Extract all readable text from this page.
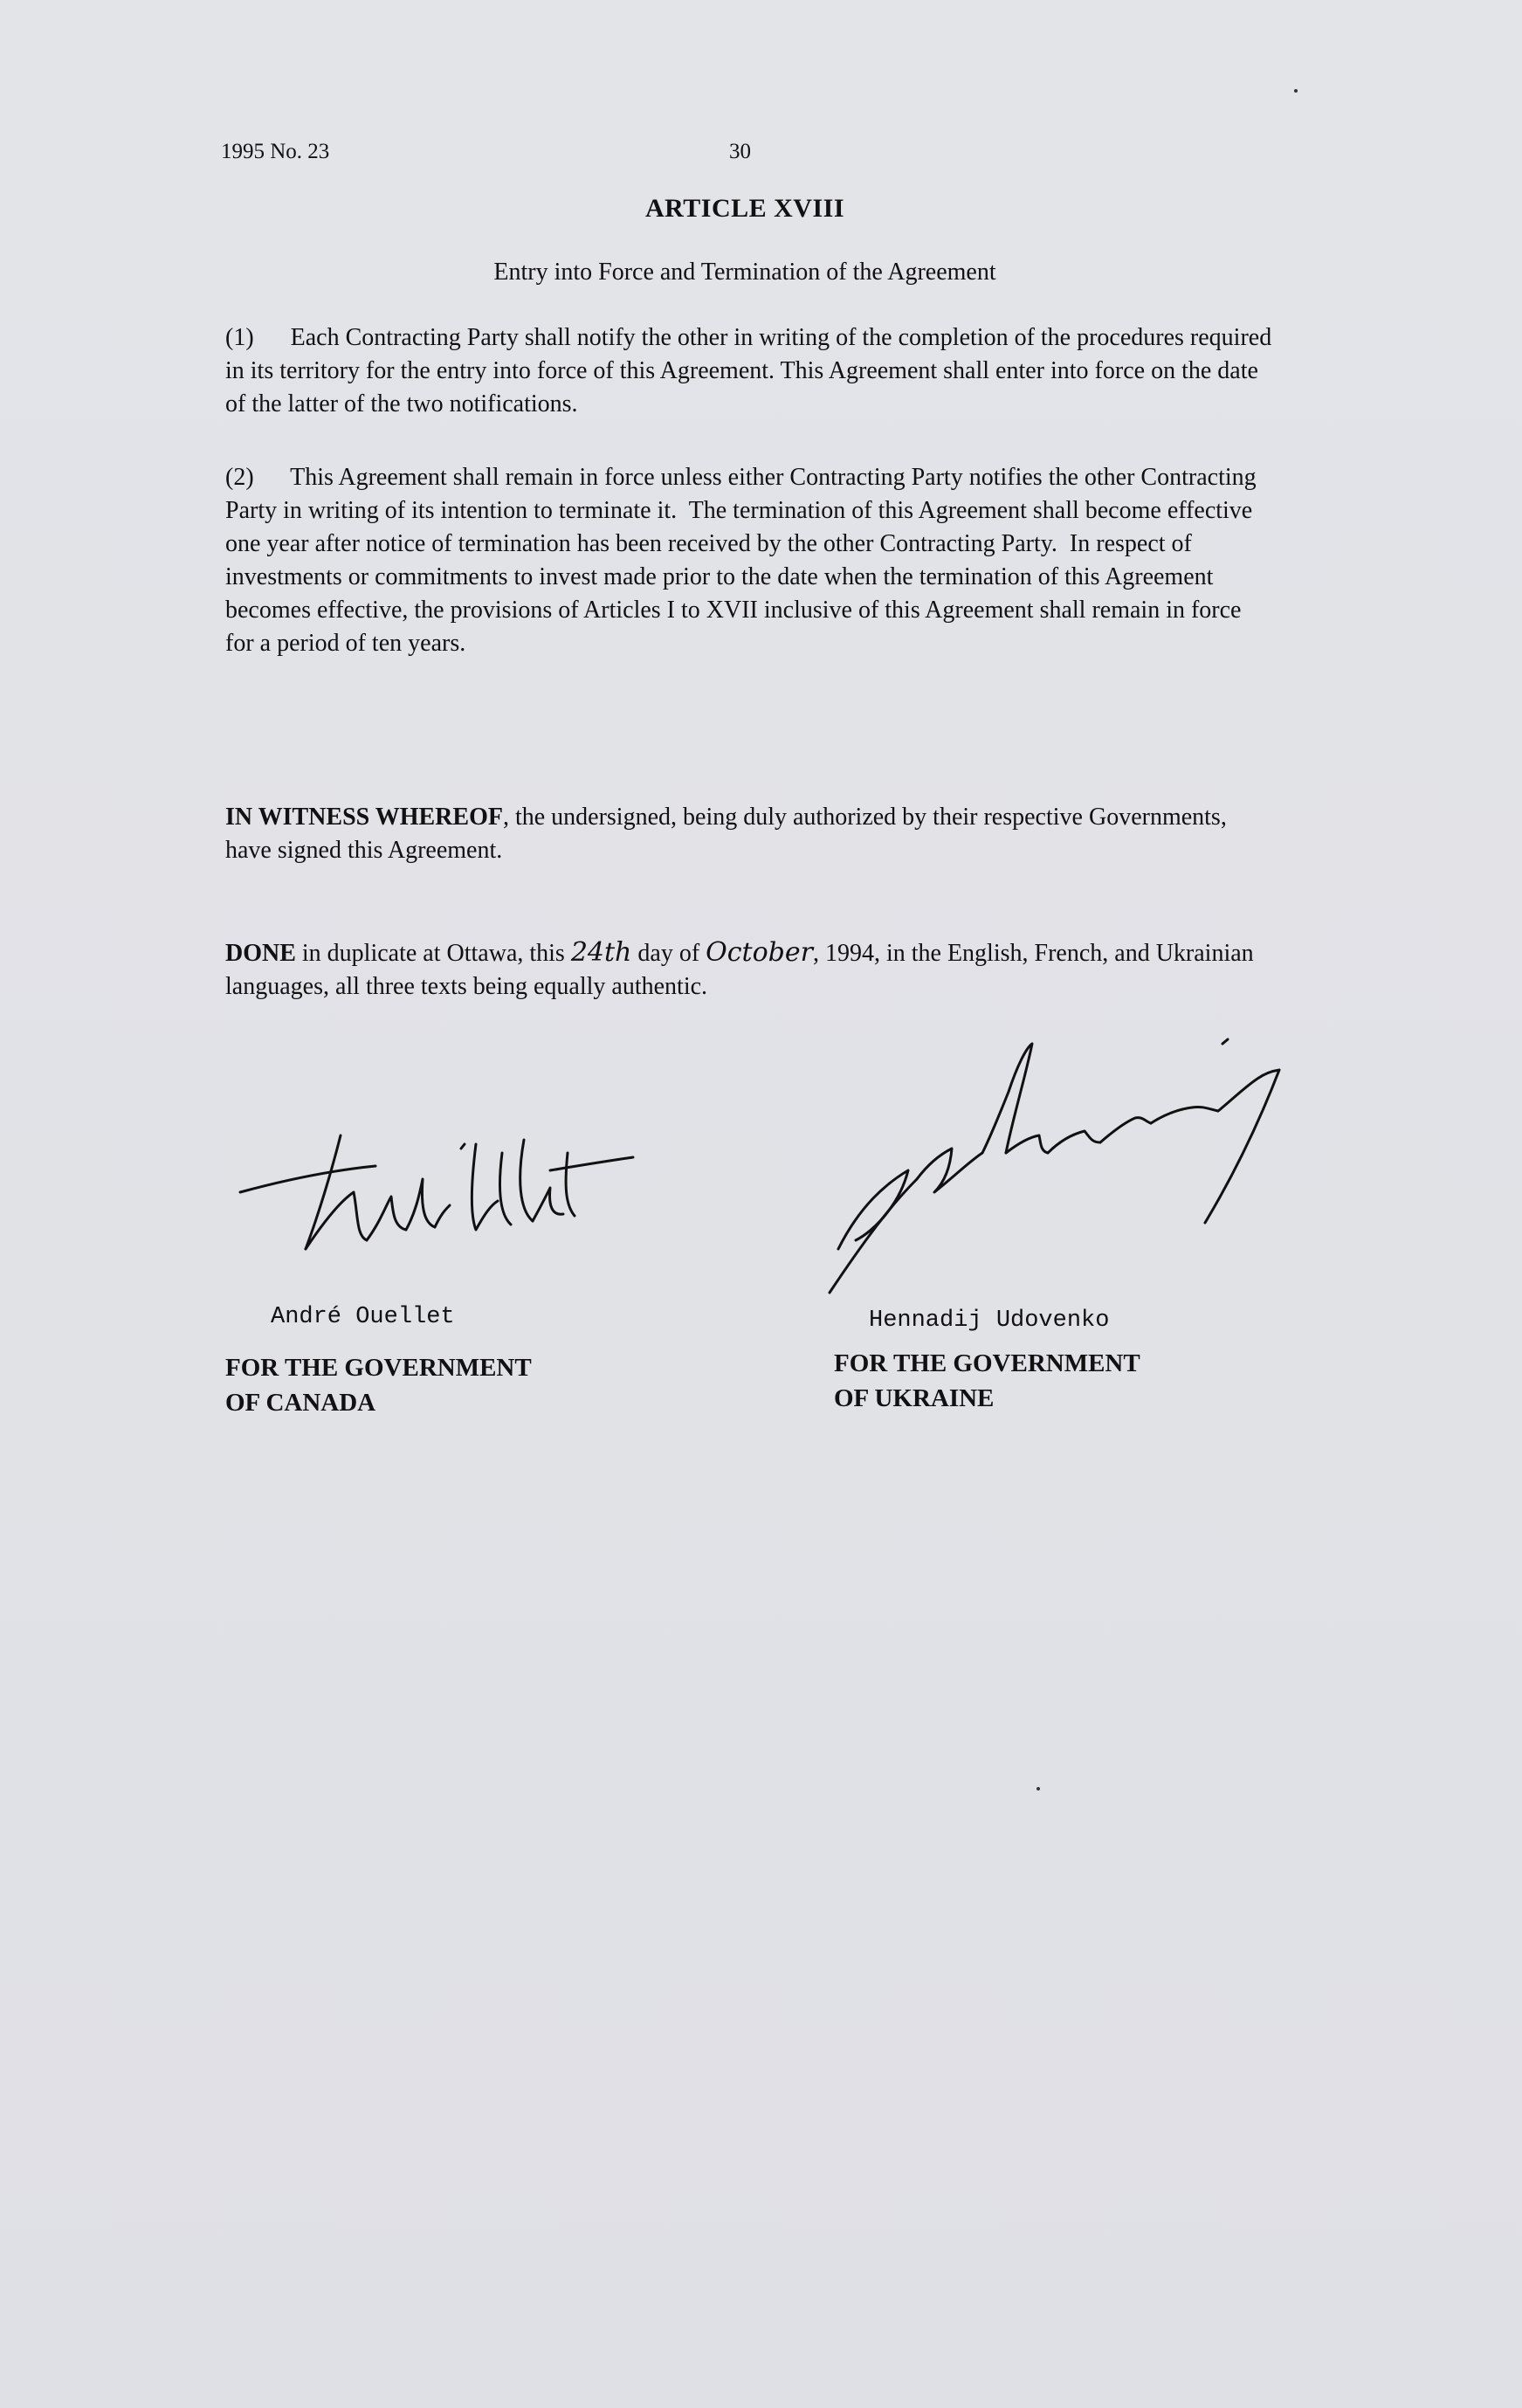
1995 No. 23	30
ARTICLE XVIII
Entry into Force and Termination of the Agreement

(1)      Each Contracting Party shall notify the other in writing of the completion of the procedures required in its territory for the entry into force of this Agreement. This Agreement shall enter into force on the date of the latter of the two notifications.

(2)      This Agreement shall remain in force unless either Contracting Party notifies the other Contracting Party in writing of its intention to terminate it.  The termination of this Agreement shall become effective one year after notice of termination has been received by the other Contracting Party.  In respect of investments or commitments to invest made prior to the date when the termination of this Agreement becomes effective, the provisions of Articles I to XVII inclusive of this Agreement shall remain in force for a period of ten years.

IN WITNESS WHEREOF, the undersigned, being duly authorized by their respective Governments, have signed this Agreement.

DONE in duplicate at Ottawa, this 24th day of October, 1994, in the English, French, and Ukrainian languages, all three texts being equally authentic.

André Ouellet
FOR THE GOVERNMENT
OF CANADA
Hennadij Udovenko
FOR THE GOVERNMENT
OF UKRAINE
